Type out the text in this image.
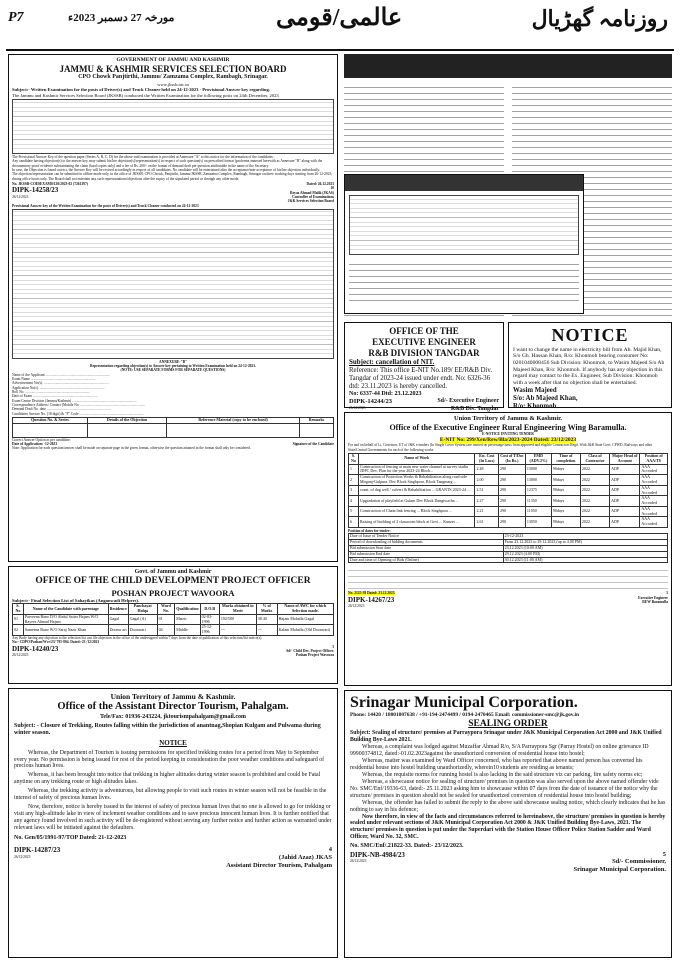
P7	مورخہ 27 دسمبر 2023ء	عالمی/قومی	روزنامہ گھڑیال
GOVERNMENT OF JAMMU AND KASHMIR
JAMMU & KASHMIR SERVICES SELECTION BOARD
CPO Chowk Panjtirthi, Jammu/ Zamzama Complex, Rambagh, Srinagar.
www.jkssb.nic.in
Subject:- Written Examination for the posts of Driver(s) and Truck Cleaner held on 24-12-2023 - Provisional Answer key regarding.
The Jammu and Kashmir Services Selection Board (JKSSB) conducted the Written Examination for the following posts on 24th December, 2023
The Provisional Answer Key of the question paper (Series A, B, C, D) for the above said examination is provided at Annexure "A" to this notice for the information of the candidates.
Any candidate having objection(s) to the answer key, may submit his/her objection(s)/representation(s) in respect of such question(s) on prescribed format (proforma annexed herewith as Annexure "B" along with the documentary proof evidence substantiating the claim (hard copies only) and a fee of Rs. 200/- on the format of demand draft per question attributable in the name of the Secretary.
In case, the Objection is found correct, the Answer Key will be revised accordingly in respect of all candidates. No candidate will be entertained after the acceptance/non-acceptance of his/her objection individually.
The objection/representation can be submitted in offline mode only, in the office of JKSSB, CPO Chowk, Panjtirthi, Jammu/JKSSB, Zamzama Complex, Rambagh, Srinagar on three working days starting from 26-12-2023; during office hours only. The Board shall not entertain any such representations/objections after the expiry of the stipulated period or through any other mode.
No. JKSSB-COE0EXAM0/120/2023-02 (7261397)	Dated: 26.12.2023
DIPK-14258/23
26/12/2023
10
Reyaz Ahmad Malik (JKAS)
Controller of Examinations
J&K Services Selection Board
Provisional Answer key of the Written Examination for the posts of Driver(s) and Truck Cleaner conducted on 24-12-2023
ANNEXURE-"B"
Representation regarding objection(s) to Answer key pertaining to Written Examination held on 24-12-2023.
(NOTE: USE SEPARATE FORMS FOR SEPARATE QUESTIONS)
Name of the Applicant ........................................................................
Exam Name ........................................................................
Advertisement No(s). ........................................................................
Application No(s). ........................................................................
Roll No. ........................................................................
Date of Exam ........................................................................
Exam Centre Division (Jammu/Kashmir) ........................................................................
Correspondence Address/ Contact (Mobile No. ........................................................................
Demand Draft No. date ........................................................................
Candidates Answer No. (18 digit) & "F" Code ........................................................................
Question No. & Series	Details of the Objection	Reference Material (copy to be enclosed)	Remarks

Correct Answer Option as per candidate:
Date of Application: -12-2023	Signature of the Candidate
Note: Application for each question/answer shall be made on separate page in the given format, otherwise the question attained in the format shall only be considered.
Govt. of Jammu and Kashmir
OFFICE OF THE CHILD DEVELOPMENT PROJECT OFFICER
POSHAN PROJECT WAVOORA
Subject:- Final Selection List of Sahayikas (Anganwadi Helpers).
S. No	Name of the Candidate with parentage	Residence	Panchayat Halqa	Ward No.	Qualification	D.O.B	Marks obtained in Merit	% of Marks	Name of AWC for which Selection made.
01	Parveena Bano D/O Abdul Sattar Hajam W/O Rayees Ahmad Hajam	Gagal	Gagal (A)	01	Matric	02-03-1996	192/500	38.40	Hajam Mohalla Gagal
02	Sameena Bano W/O Saraj Nazir Khan	Doonw ari	Doonwari	04	Middle	25-12-1996	---	---	Kalam Mohalla (Old Doonwari)
Any Body having any objection to the selection list can file objection in the office of the undersigned within 7 days from the date of publication of this selection/list notice(s).
No:- CDPO/Poshan/Wvr/23/ 795-804. Dated:-23 /12/2023
DIPK-14240/23
26/12/2023
3
Sd/- Child Dev. Project Officer.
Poshan Project Wavoora
Union Territory of Jammu & Kashmir.
Office of the Assistant Director Tourism, Pahalgam.
Tele/Fax: 01936-243224, jktourismpahalgam@gmail.com
Subject: - Closure of Trekking, Routes falling within the jurisdiction of anantnag,Shopian Kulgam and Pulwama during winter season.
NOTICE
Whereas, the Department of Tourism is issuing permissions for specified trekking routes for a period from May to September every year. No permission is being issued for rest of the period keeping in consideration the poor weather conditions and safeguard of precious human lives.
Whereas, it has been brought into notice that trekking in higher altitudes during winter season is prohibited and could be Fatal anytime on any trekking route or high altitudes lakes.
Whereas, the trekking activity is adventurous, but allowing people to visit such routes in winter season will not be feasible in the interest of safety of precious human lives.
Now, therefore, notice is hereby issued in the interest of safety of precious human lives that no one is allowed to go for trekking or visit any high-altitude lake in view of inclement weather conditions and to save precious innocent human lives. It is further notified that any agency found involved in such activity will be de-registered without serving any further notice and further action as warranted under relevant laws will be initiated against the defaulters.
No. Gen/05/1991-97/TOP Dated: 21-12-2023
DIPK-14287/23
26/12/2023
4
(Jahid Azaz) JKAS
Assistant Director Tourism, Pahalgam
OFFICE OF THE
EXECUTIVE ENGINEER
R&B DIVISION TANGDAR
Subject: cancellation of NIT.
Reference: This office E-NIT No.189/ EE/R&B Div. Tangdar of 2023-24 issued under endt. No: 6326-36 dtd: 23.11.2023 is hereby cancelled.
No: 6337-44 Dtd: 23.12.2023
DIPK-14244/23
26/12/2023
Sd/- Executive Engineer
R&B Div. Tangdar
NOTICE
I want to change the name in electricity bill from Ab. Majid Khan, S/o Gh. Hassan Khan, R/o: Khonmoh bearing consumer No: 0201040008456 Sub Division: Khonmoh, to Wasim Majeed S/o Ab Majeed Khan, R/o: Khonmoh. If anybody has any objection in this regard may contact to the Ex. Engineer, Sub Division: Khonmoh with a week after that no objection shall be entertained.
Wasim Majeed
S/o: Ab Majeed Khan,
R/o: Khonmoh
Union Territory of Jammu & Kashmir.
Office of the Executive Engineer Rural Engineering Wing Baramulla.
E-NOTICE INVITING TENDER
E-NIT No: 299/Xen/Rew/Bla/2023-2024 Dated: 23/12/2023
For and on behalf of Lt. Governor, UT of J&K e-tenders (In Single Cover System) are invited on percentage basis from approved and eligible Contractors Regd. With J&K State Govt. CPWD, Railways and other State/Central Governments for each of the following works.
S. No	Name of Work	Est. Cost (In Lacs)	Cost of T/Doc (In Rs.)	EMD (ADV.2%)	Time of completion	Class of Contractor	Major Head of Account	Position of AAA/TS
1	Construction of fencing at main new water channel at survey stadia JDPC Dev. Plan for the year 2023-24 Block...	2.48	290	13000	90days	2022	ADP	AAA Accorded
2	Construction of Protection Works & Rehabilitation along road side Mirganj-Gulpura. Dev Block Singhpora, Block Tangmarg ...	2.00	290	13000	90days	2022	ADP	AAA Accorded
3	const. of dug well / culvert & Rehabilitation ... GRANTS 2023-24 ...	2.51	290	12375	90days	2022	ADP	AAA Accorded
4	Upgradation of playfield at Gulam Dev Block Dangiwacha ...	2.27	290	11350	90days	2022	ADP	AAA Accorded
5	Construction of Chain link fencing ... Block Singhpora ...	2.21	290	11050	90days	2022	ADP	AAA Accorded
6	Raising of building of 2 classroom block at Govt ... Kunzer ...	2.61	290	13050	90days	2022	ADP	AAA Accorded
Position of dates for tender:
Date of Issue of Tender Notice	23-12-2023
Period of downloading of bidding documents	From 23.12.2023 to 29.12.2023 (up to 4.00 PM)
Bid submission Start date	23.12.2023 (10:00 AM)
Bid submission End date	29.12.2023 (4:00 PM)
Date and time of Opening of Bids (Online)	30.12.2023 (11:00 AM)
No. 2125-39 Dated: 23.12.2023	5
DIPK-14267/23
26/12/2023
Executive Engineer
REW Baramulla
Srinagar Municipal Corporation.
Phone: 14420 / 18001807638 / +91-194-2474499 / 0194-2470465 Email: commissioner-smc@jk.gov.in
SEALING ORDER
Subject: Sealing of structure/ premises at Parraypora Srinagar under J&K Municipal Corporation Act 2000 and J&K Unified Building Bye-Laws 2021.
Whereas, a complaint was lodged against Muzaffar Ahmad R/o, S/A Parraypora Sgr (Parray Hostel) on online grievance ID 99900374812, dated:-01.02.2023against the unauthorized conversion of residential house into hostel;
Whereas, matter was examined by Ward Officer concerned, who has reported that above named person has converted his residential house into hostel building unauthorizedly, wherein10 students are residing as tenants;
Whereas, the requisite norms for running hostel is also lacking in the said structure viz car parking, fire safety norms etc;
Whereas, a showcause notice for sealing of structure/ premises in question was also served upon the above named offender vide No. SMC/Enf/19336-63, dated:- 25.11.2023 asking him to showcause within 07 days from the date of issuance of the notice why the structure/ premises in question should not be sealed for unauthorized conversion of residential house into hostel building;
Whereas, the offender has failed to submit the reply to the above said showcause sealing notice, which clearly indicates that he has nothing to say in his defence;
Now therefore, in view of the facts and circumstances referred to hereinabove, the structure/ premises in question is hereby sealed under relevant sections of J&K Municipal Corporation Act 2000 & J&K Unified Building Bye-Laws, 2021. The structure/ premises in question is put under the Superdari with the Station House Officer Police Station Sadder and Ward Officer, Ward No. 32, SMC.
No. SMC/Enf/.21822-33. Dated:- 23/12/2023.
DIPK-NB-4984/23
26/12/2023
5
Sd/- Commissioner,
Srinagar Municipal Corporation.
